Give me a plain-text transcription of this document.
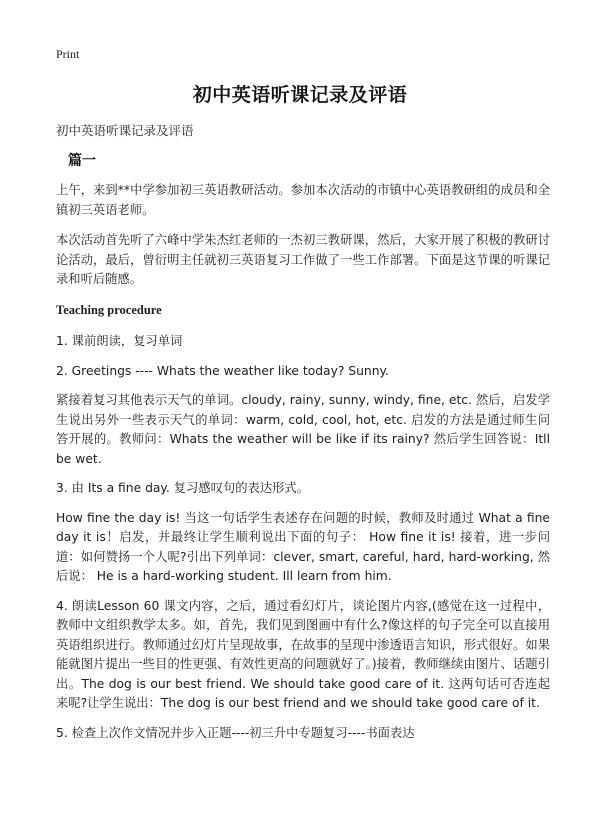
Print
初中英语听课记录及评语
初中英语听课记录及评语
篇一

上午，来到**中学参加初三英语教研活动。参加本次活动的市镇中心英语教研组的成员和全镇初三英语老师。

本次活动首先听了六峰中学朱杰红老师的一杰初三教研课，然后，大家开展了积极的教研讨论活动，最后，曾衍明主任就初三英语复习工作做了一些工作部署。下面是这节课的听课记录和听后随感。

Teaching procedure

1. 课前朗读，复习单词

2. Greetings ---- Whats the weather like today? Sunny.

紧接着复习其他表示天气的单词。cloudy, rainy, sunny, windy, fine, etc. 然后，启发学生说出另外一些表示天气的单词：warm, cold, cool, hot, etc. 启发的方法是通过师生问答开展的。教师问：Whats the weather will be like if its rainy? 然后学生回答说：Itll be wet.

3. 由 Its a fine day. 复习感叹句的表达形式。

How fine the day is! 当这一句话学生表述存在问题的时候，教师及时通过 What a fine day it is！启发，并最终让学生顺利说出下面的句子： How fine it is! 接着，进一步问道：如何赞扬一个人呢?引出下列单词：clever, smart, careful, hard, hard-working, 然后说： He is a hard-working student. Ill learn from him.

4. 朗读Lesson 60 课文内容，之后，通过看幻灯片，谈论图片内容,(感觉在这一过程中，教师中文组织教学太多。如，首先，我们见到图画中有什么?像这样的句子完全可以直接用英语组织进行。教师通过幻灯片呈现故事，在故事的呈现中渗透语言知识，形式很好。如果能就图片提出一些目的性更强、有效性更高的问题就好了。)接着，教师继续由图片、话题引出。The dog is our best friend. We should take good care of it. 这两句话可否连起来呢?让学生说出：The dog is our best friend and we should take good care of it.

5. 检查上次作文情况并步入正题----初三升中专题复习----书面表达
